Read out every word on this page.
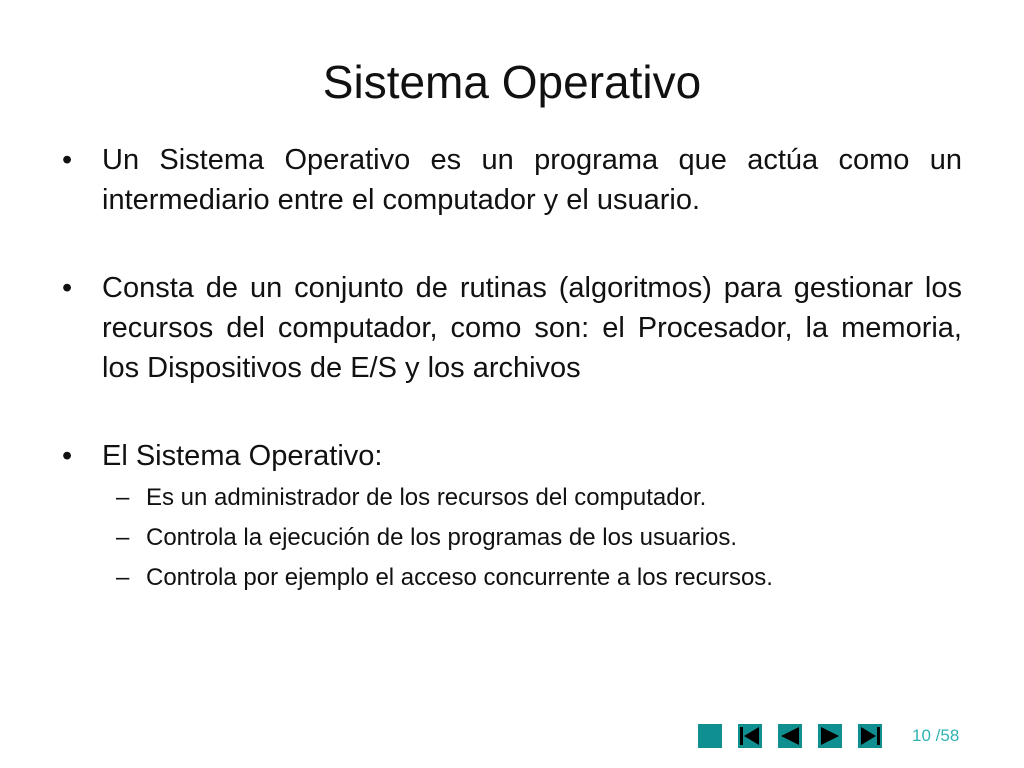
Sistema Operativo

• Un Sistema Operativo es un programa que actúa como un intermediario entre el computador y el usuario.

• Consta de un conjunto de rutinas (algoritmos) para gestionar los recursos del computador, como son: el Procesador, la memoria, los Dispositivos de E/S y los archivos

• El Sistema Operativo:

– Es un administrador de los recursos del computador.

– Controla la ejecución de los programas de los usuarios.

– Controla por ejemplo el acceso concurrente a los recursos.

10 /58
